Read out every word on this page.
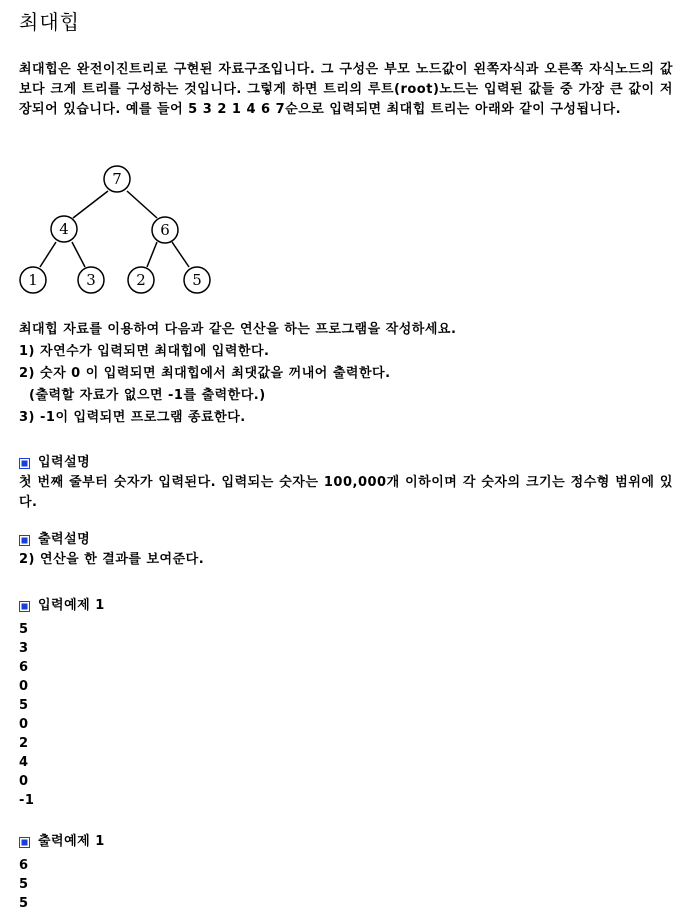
최대힙

최대힙은 완전이진트리로 구현된 자료구조입니다. 그 구성은 부모 노드값이 왼쪽자식과 오른쪽 자식노드의 값보다 크게 트리를 구성하는 것입니다. 그렇게 하면 트리의 루트(root)노드는 입력된 값들 중 가장 큰 값이 저장되어 있습니다. 예를 들어 5 3 2 1 4 6 7순으로 입력되면 최대힙 트리는 아래와 같이 구성됩니다.

7
4	6
1	3	2	5
최대힙 자료를 이용하여 다음과 같은 연산을 하는 프로그램을 작성하세요.
1) 자연수가 입력되면 최대힙에 입력한다.
2) 숫자 0 이 입력되면 최대힙에서 최댓값을 꺼내어 출력한다.
(출력할 자료가 없으면 -1를 출력한다.)
3) -1이 입력되면 프로그램 종료한다.
입력설명
첫 번째 줄부터 숫자가 입력된다. 입력되는 숫자는 100,000개 이하이며 각 숫자의 크기는 정수형 범위에 있다.
출력설명
2) 연산을 한 결과를 보여준다.
입력예제 1
5
3
6
0
5
0
2
4
0
-1
출력예제 1
6
5
5
